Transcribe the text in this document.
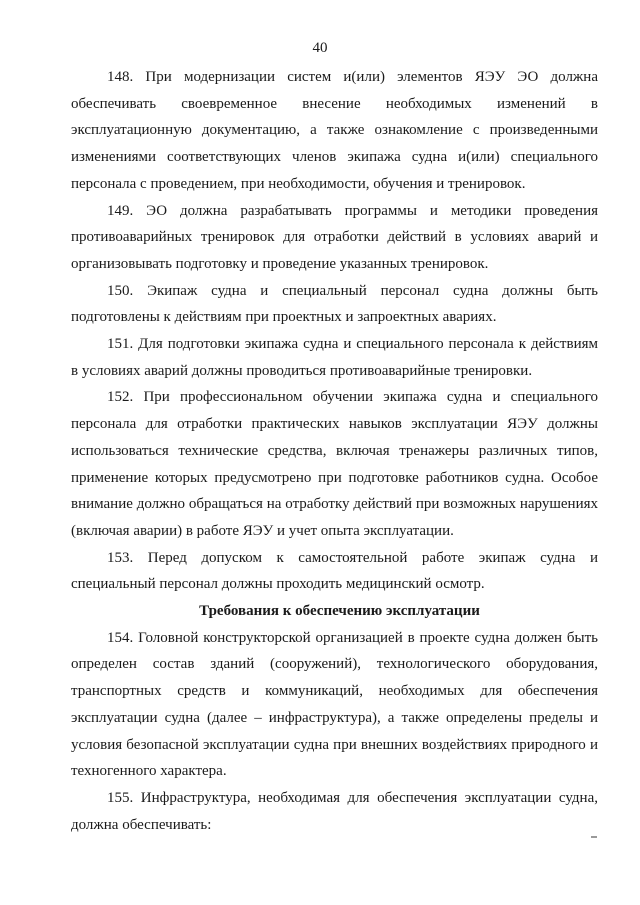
40

148. При модернизации систем и(или) элементов ЯЭУ ЭО должна обеспечивать своевременное внесение необходимых изменений в эксплуатационную документацию, а также ознакомление с произведенными изменениями соответствующих членов экипажа судна и(или) специального персонала с проведением, при необходимости, обучения и тренировок.

149. ЭО должна разрабатывать программы и методики проведения противоаварийных тренировок для отработки действий в условиях аварий и организовывать подготовку и проведение указанных тренировок.

150. Экипаж судна и специальный персонал судна должны быть подготовлены к действиям при проектных и запроектных авариях.

151. Для подготовки экипажа судна и специального персонала к действиям в условиях аварий должны проводиться противоаварийные тренировки.

152. При профессиональном обучении экипажа судна и специального персонала для отработки практических навыков эксплуатации ЯЭУ должны использоваться технические средства, включая тренажеры различных типов, применение которых предусмотрено при подготовке работников судна. Особое внимание должно обращаться на отработку действий при возможных нарушениях (включая аварии) в работе ЯЭУ и учет опыта эксплуатации.

153. Перед допуском к самостоятельной работе экипаж судна и специальный персонал должны проходить медицинский осмотр.

Требования к обеспечению эксплуатации

154. Головной конструкторской организацией в проекте судна должен быть определен состав зданий (сооружений), технологического оборудования, транспортных средств и коммуникаций, необходимых для обеспечения эксплуатации судна (далее – инфраструктура), а также определены пределы и условия безопасной эксплуатации судна при внешних воздействиях природного и техногенного характера.

155. Инфраструктура, необходимая для обеспечения эксплуатации судна, должна обеспечивать:
